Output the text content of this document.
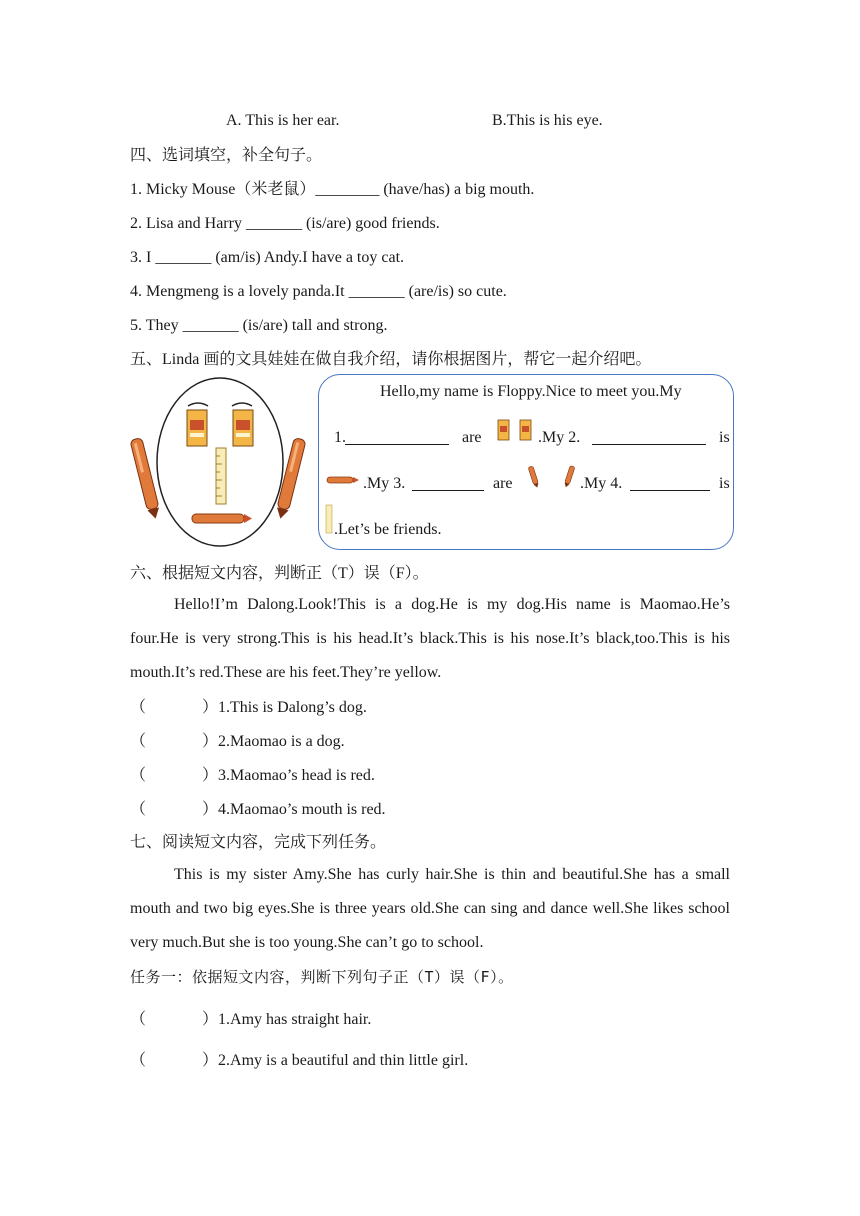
A. This is her ear.	B.This is his eye.
四、选词填空，补全句子。
1. Micky Mouse（米老鼠）________ (have/has) a big mouth.
2. Lisa and Harry _______ (is/are) good friends.
3. I _______ (am/is) Andy.I have a toy cat.
4. Mengmeng is a lovely panda.It _______ (are/is) so cute.
5. They _______ (is/are) tall and strong.
五、Linda 画的文具娃娃在做自我介绍，请你根据图片，帮它一起介绍吧。
Hello,my name is Floppy.Nice to meet you.My
1.	are	.My 2.	is
.My 3.	are	.My 4.	is
.Let’s be friends.
六、根据短文内容，判断正（T）误（F）。

Hello!I’m Dalong.Look!This is a dog.He is my dog.His name is Maomao.He’s four.He is very strong.This is his head.It’s black.This is his nose.It’s black,too.This is his mouth.It’s red.These are his feet.They’re yellow.

（	）1.This is Dalong’s dog.
（	）2.Maomao is a dog.
（	）3.Maomao’s head is red.
（	）4.Maomao’s mouth is red.
七、阅读短文内容，完成下列任务。

This is my sister Amy.She has curly hair.She is thin and beautiful.She has a small mouth and two big eyes.She is three years old.She can sing and dance well.She likes school very much.But she is too young.She can’t go to school.

任务一：依据短文内容，判断下列句子正（T）误（F）。
（	）1.Amy has straight hair.
（	）2.Amy is a beautiful and thin little girl.
